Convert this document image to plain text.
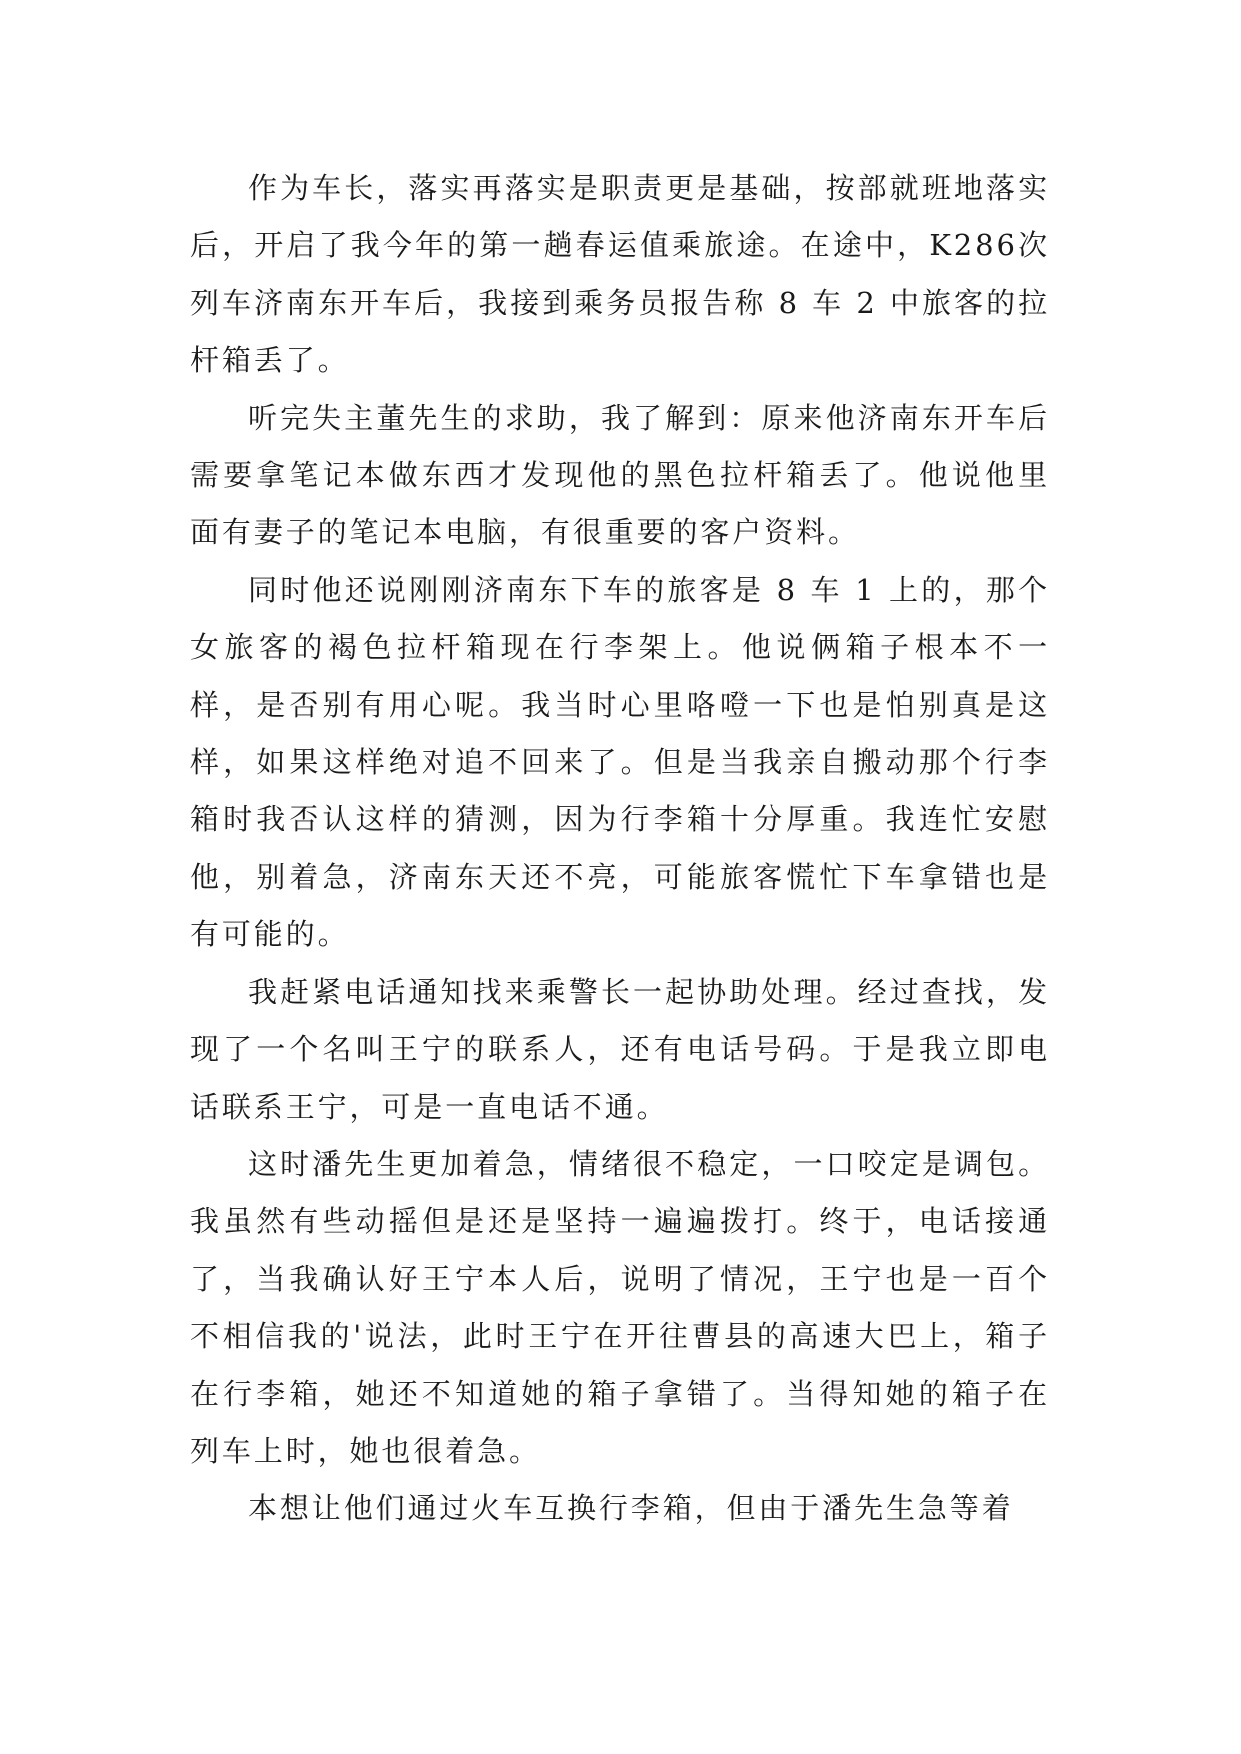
作为车长，落实再落实是职责更是基础，按部就班地落实后，开启了我今年的第一趟春运值乘旅途。在途中，K286次列车济南东开车后，我接到乘务员报告称 8 车 2 中旅客的拉杆箱丢了。

听完失主董先生的求助，我了解到：原来他济南东开车后需要拿笔记本做东西才发现他的黑色拉杆箱丢了。他说他里面有妻子的笔记本电脑，有很重要的客户资料。

同时他还说刚刚济南东下车的旅客是 8 车 1 上的，那个女旅客的褐色拉杆箱现在行李架上。他说俩箱子根本不一样，是否别有用心呢。我当时心里咯噔一下也是怕别真是这样，如果这样绝对追不回来了。但是当我亲自搬动那个行李箱时我否认这样的猜测，因为行李箱十分厚重。我连忙安慰他，别着急，济南东天还不亮，可能旅客慌忙下车拿错也是有可能的。

我赶紧电话通知找来乘警长一起协助处理。经过查找，发现了一个名叫王宁的联系人，还有电话号码。于是我立即电话联系王宁，可是一直电话不通。

这时潘先生更加着急，情绪很不稳定，一口咬定是调包。我虽然有些动摇但是还是坚持一遍遍拨打。终于，电话接通了，当我确认好王宁本人后，说明了情况，王宁也是一百个不相信我的'说法，此时王宁在开往曹县的高速大巴上，箱子在行李箱，她还不知道她的箱子拿错了。当得知她的箱子在列车上时，她也很着急。

本想让他们通过火车互换行李箱，但由于潘先生急等着
